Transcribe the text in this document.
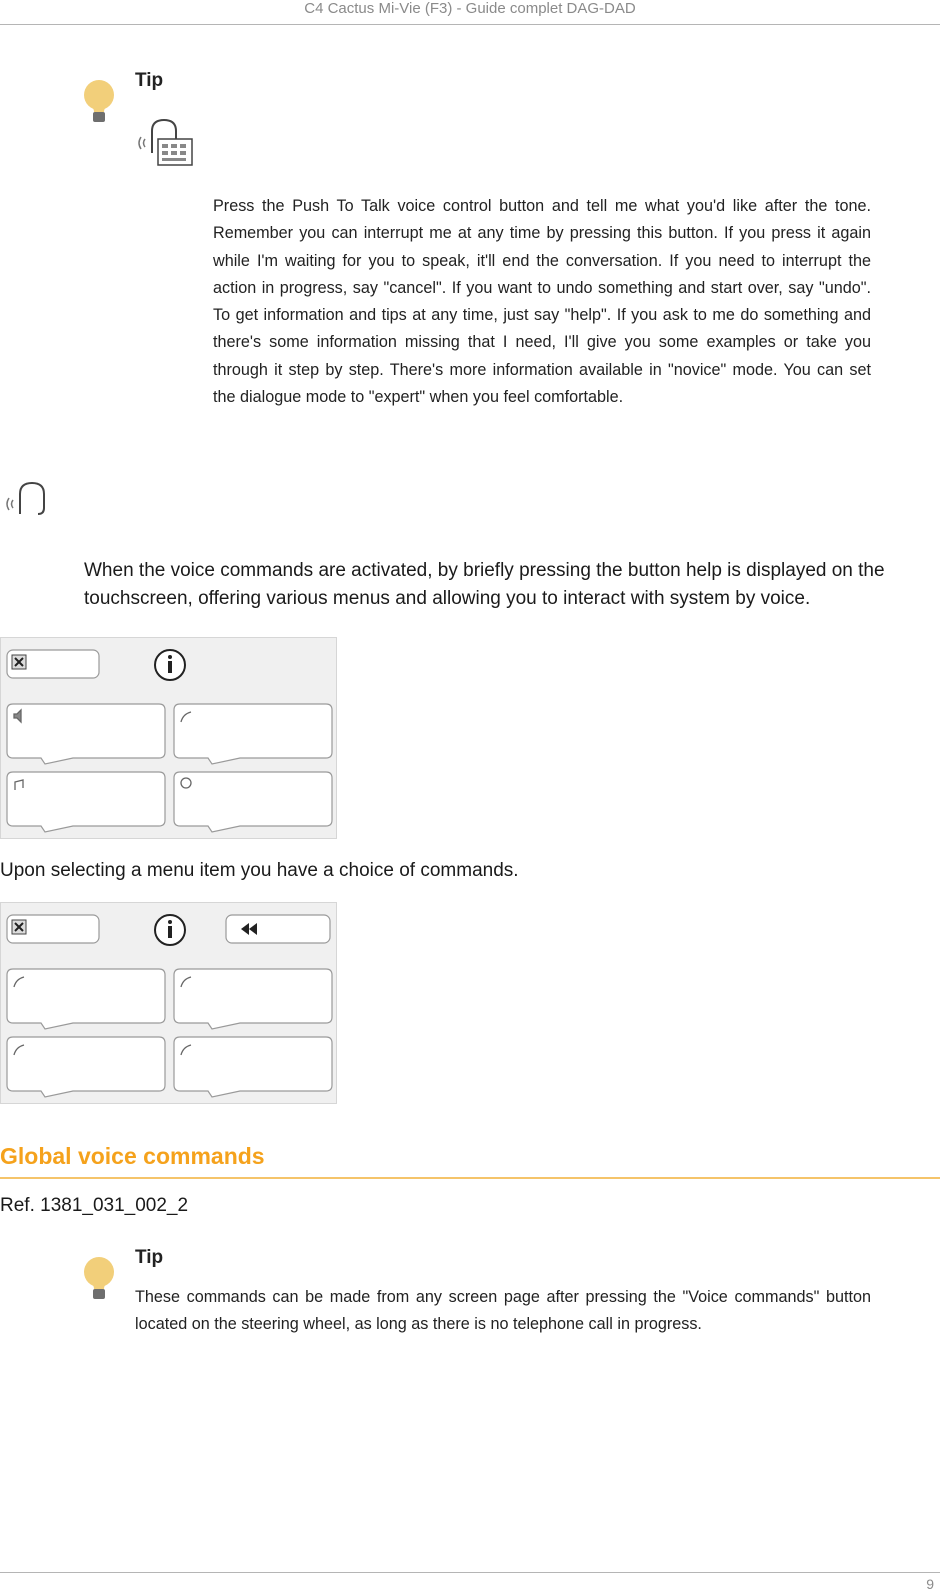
C4 Cactus Mi-Vie (F3) - Guide complet DAG-DAD
Tip
Press the Push To Talk voice control button and tell me what you'd like after the tone. Remember you can interrupt me at any time by pressing this button. If you press it again while I'm waiting for you to speak, it'll end the conversation. If you need to interrupt the action in progress, say "cancel". If you want to undo something and start over, say "undo". To get information and tips at any time, just say "help". If you ask to me do something and there's some information missing that I need, I'll give you some examples or take you through it step by step. There's more information available in "novice" mode. You can set the dialogue mode to "expert" when you feel comfortable.
When the voice commands are activated, by briefly pressing the button help is displayed on the touchscreen, offering various menus and allowing you to interact with system by voice.
Upon selecting a menu item you have a choice of commands.
Global voice commands
Ref. 1381_031_002_2
Tip
These commands can be made from any screen page after pressing the "Voice commands" button located on the steering wheel, as long as there is no telephone call in progress.
9
